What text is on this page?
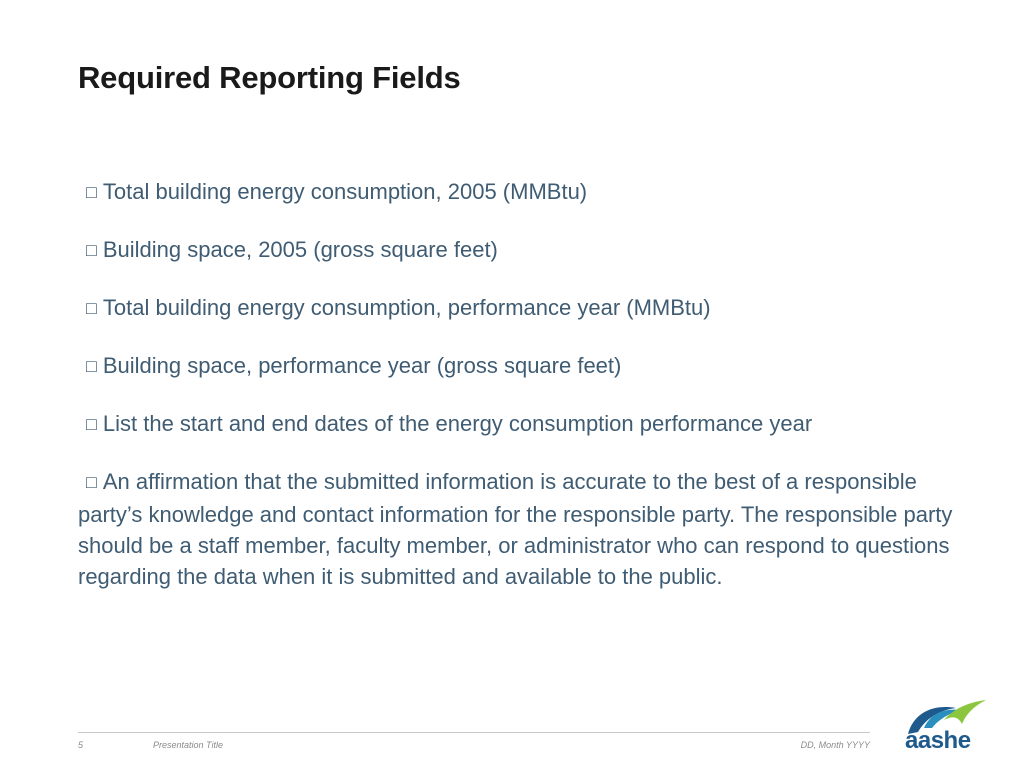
Required Reporting Fields

□ Total building energy consumption, 2005 (MMBtu)

□ Building space, 2005 (gross square feet)

□ Total building energy consumption, performance year (MMBtu)

□ Building space, performance year (gross square feet)

□ List the start and end dates of the energy consumption performance year

□ An affirmation that the submitted information is accurate to the best of a responsible party’s knowledge and contact information for the responsible party. The responsible party should be a staff member, faculty member, or administrator who can respond to questions regarding the data when it is submitted and available to the public.

5	Presentation Title	DD, Month YYYY aashe
